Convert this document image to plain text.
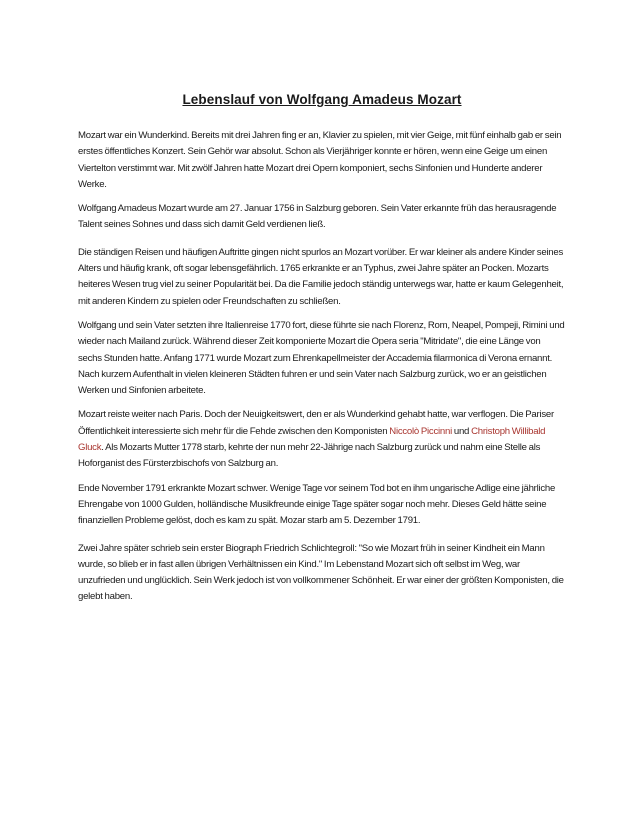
Lebenslauf von Wolfgang Amadeus Mozart

Mozart war ein Wunderkind. Bereits mit drei Jahren fing er an, Klavier zu spielen, mit vier Geige, mit fünf einhalb gab er sein erstes öffentliches Konzert. Sein Gehör war absolut. Schon als Vierjähriger konnte er hören, wenn eine Geige um einen Viertelton verstimmt war. Mit zwölf Jahren hatte Mozart drei Opern komponiert, sechs Sinfonien und Hunderte anderer Werke.

Wolfgang Amadeus Mozart wurde am 27. Januar 1756 in Salzburg geboren. Sein Vater erkannte früh das herausragende Talent seines Sohnes und dass sich damit Geld verdienen ließ.

Die ständigen Reisen und häufigen Auftritte gingen nicht spurlos an Mozart vorüber. Er war kleiner als andere Kinder seines Alters und häufig krank, oft sogar lebensgefährlich. 1765 erkrankte er an Typhus, zwei Jahre später an Pocken. Mozarts heiteres Wesen trug viel zu seiner Popularität bei. Da die Familie jedoch ständig unterwegs war, hatte er kaum Gelegenheit, mit anderen Kindern zu spielen oder Freundschaften zu schließen.

Wolfgang und sein Vater setzten ihre Italienreise 1770 fort, diese führte sie nach Florenz, Rom, Neapel, Pompeji, Rimini und wieder nach Mailand zurück. Während dieser Zeit komponierte Mozart die Opera seria "Mitridate", die eine Länge von sechs Stunden hatte. Anfang 1771 wurde Mozart zum Ehrenkapellmeister der Accademia filarmonica di Verona ernannt. Nach kurzem Aufenthalt in vielen kleineren Städten fuhren er und sein Vater nach Salzburg zurück, wo er an geistlichen Werken und Sinfonien arbeitete.

Mozart reiste weiter nach Paris. Doch der Neuigkeitswert, den er als Wunderkind gehabt hatte, war verflogen. Die Pariser Öffentlichkeit interessierte sich mehr für die Fehde zwischen den Komponisten Niccolò Piccinni und Christoph Willibald Gluck. Als Mozarts Mutter 1778 starb, kehrte der nun mehr 22-Jährige nach Salzburg zurück und nahm eine Stelle als Hoforganist des Fürsterzbischofs von Salzburg an.

Ende November 1791 erkrankte Mozart schwer. Wenige Tage vor seinem Tod bot en ihm ungarische Adlige eine jährliche Ehrengabe von 1000 Gulden, holländische Musikfreunde einige Tage später sogar noch mehr. Dieses Geld hätte seine finanziellen Probleme gelöst, doch es kam zu spät. Mozar starb am 5. Dezember 1791.

Zwei Jahre später schrieb sein erster Biograph Friedrich Schlichtegroll: "So wie Mozart früh in seiner Kindheit ein Mann wurde, so blieb er in fast allen übrigen Verhältnissen ein Kind." Im Lebenstand Mozart sich oft selbst im Weg, war unzufrieden und unglücklich. Sein Werk jedoch ist von vollkommener Schönheit. Er war einer der größten Komponisten, die gelebt haben.
